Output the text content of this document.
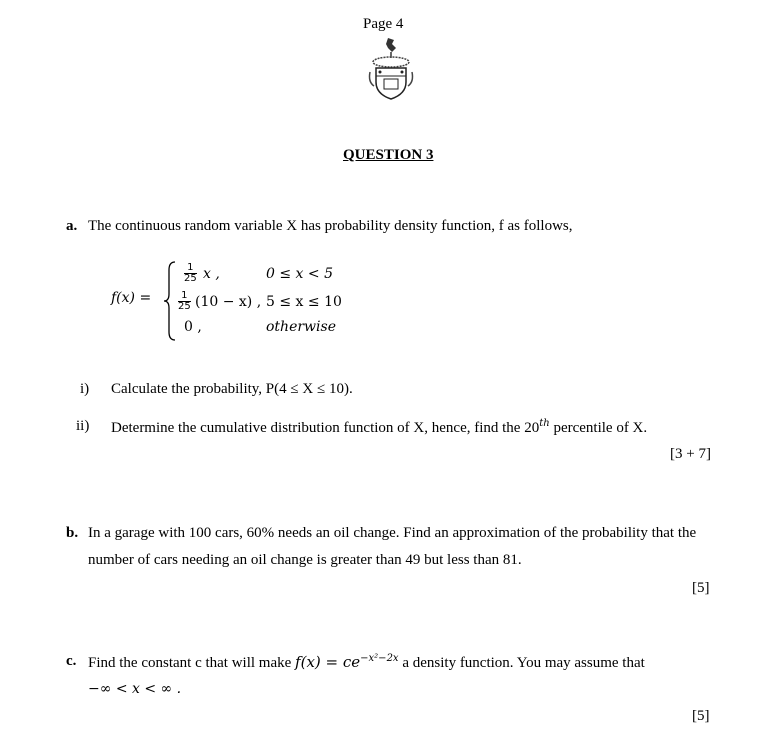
Page 4
QUESTION 3
a. The continuous random variable X has probability density function, f as follows,
f(x) =
$\frac{1}{25}$ x ,	0 ≤ x < 5
$\frac{1}{25} (10 - x)$ , 5 ≤ x ≤ 10
0 ,	otherwise
i) Calculate the probability, P(4 ≤ X ≤ 10).
ii) Determine the cumulative distribution function of X, hence, find the 20th percentile of X.
[3 + 7]
b. In a garage with 100 cars, 60% needs an oil change. Find an approximation of the probability that the
number of cars needing an oil change is greater than 49 but less than 81.
[5]
c. Find the constant c that will make $f(x) = ce^{-x^2-2x}$ a density function. You may assume that
−∞ < x < ∞ .
[5]
